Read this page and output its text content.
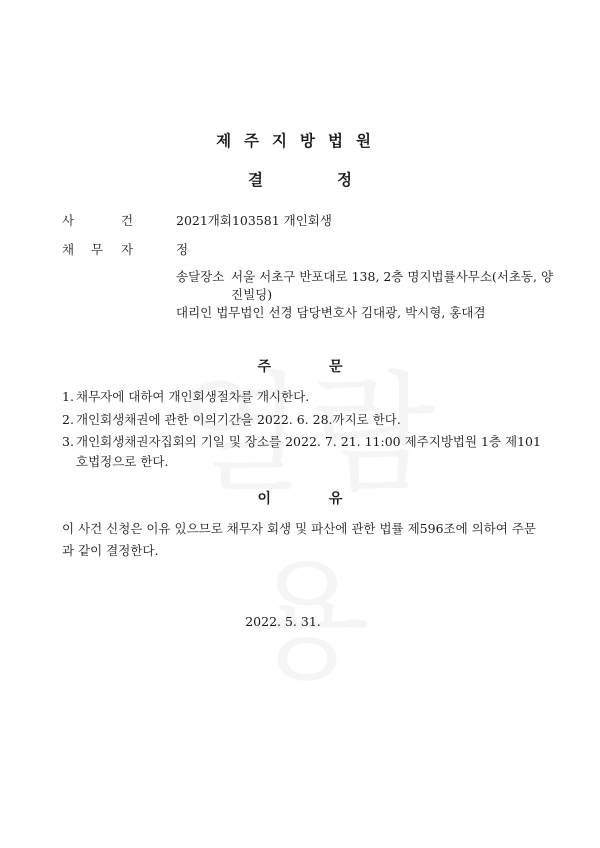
제주지방법원
결	정
사	건	2021개회103581 개인회생
채 무 자	정
송달장소 서울 서초구 반포대로 138, 2층 명지법률사무소(서초동, 양진빌딩)
대리인 법무법인 선경 담당변호사 김대광, 박시형, 홍대겸
주	문
1. 채무자에 대하여 개인회생절차를 개시한다.
2. 개인회생채권에 관한 이의기간을 2022. 6. 28.까지로 한다.
3. 개인회생채권자집회의 기일 및 장소를 2022. 7. 21. 11:00 제주지방법원 1층 제101
호법정으로 한다.
이	유
이 사건 신청은 이유 있으므로 채무자 회생 및 파산에 관한 법률 제596조에 의하여 주문과 같이 결정한다.
2022. 5. 31.
